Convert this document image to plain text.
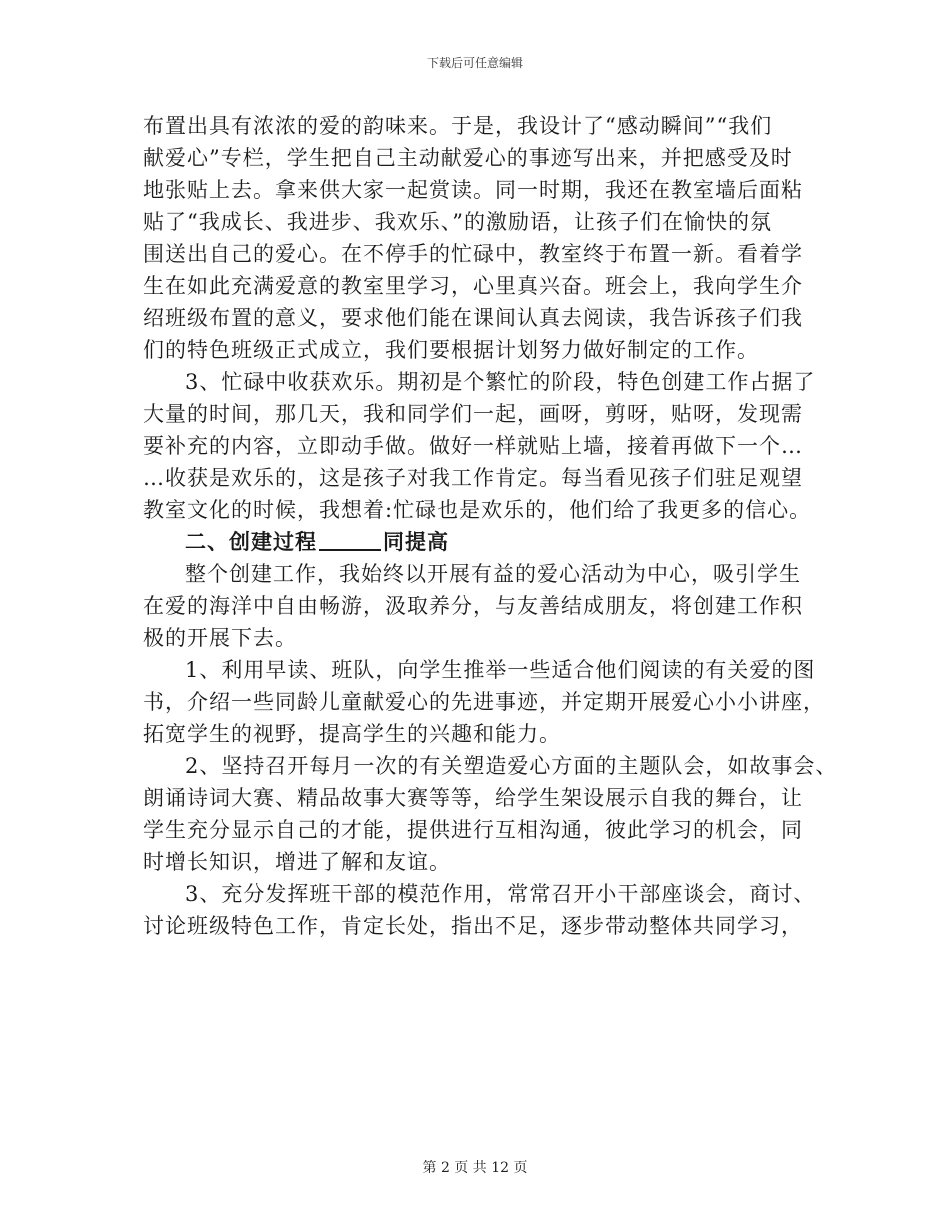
下载后可任意编辑
布置出具有浓浓的爱的韵味来。于是，我设计了“感动瞬间”“我们
献爱心”专栏，学生把自己主动献爱心的事迹写出来，并把感受及时
地张贴上去。拿来供大家一起赏读。同一时期，我还在教室墙后面粘
贴了“我成长、我进步、我欢乐、”的激励语，让孩子们在愉快的氛
围送出自己的爱心。在不停手的忙碌中，教室终于布置一新。看着学
生在如此充满爱意的教室里学习，心里真兴奋。班会上，我向学生介
绍班级布置的意义，要求他们能在课间认真去阅读，我告诉孩子们我
们的特色班级正式成立，我们要根据计划努力做好制定的工作。
3、忙碌中收获欢乐。期初是个繁忙的阶段，特色创建工作占据了
大量的时间，那几天，我和同学们一起，画呀，剪呀，贴呀，发现需
要补充的内容，立即动手做。做好一样就贴上墙，接着再做下一个…
…收获是欢乐的，这是孩子对我工作肯定。每当看见孩子们驻足观望
教室文化的时候，我想着:忙碌也是欢乐的，他们给了我更多的信心。
二、创建过程	同提高
整个创建工作，我始终以开展有益的爱心活动为中心，吸引学生
在爱的海洋中自由畅游，汲取养分，与友善结成朋友，将创建工作积
极的开展下去。
1、利用早读、班队，向学生推举一些适合他们阅读的有关爱的图
书，介绍一些同龄儿童献爱心的先进事迹，并定期开展爱心小小讲座，
拓宽学生的视野，提高学生的兴趣和能力。
2、坚持召开每月一次的有关塑造爱心方面的主题队会，如故事会、
朗诵诗词大赛、精品故事大赛等等，给学生架设展示自我的舞台，让
学生充分显示自己的才能，提供进行互相沟通，彼此学习的机会，同
时增长知识，增进了解和友谊。
3、充分发挥班干部的模范作用，常常召开小干部座谈会，商讨、
讨论班级特色工作，肯定长处，指出不足，逐步带动整体共同学习，
第 2 页 共 12 页
